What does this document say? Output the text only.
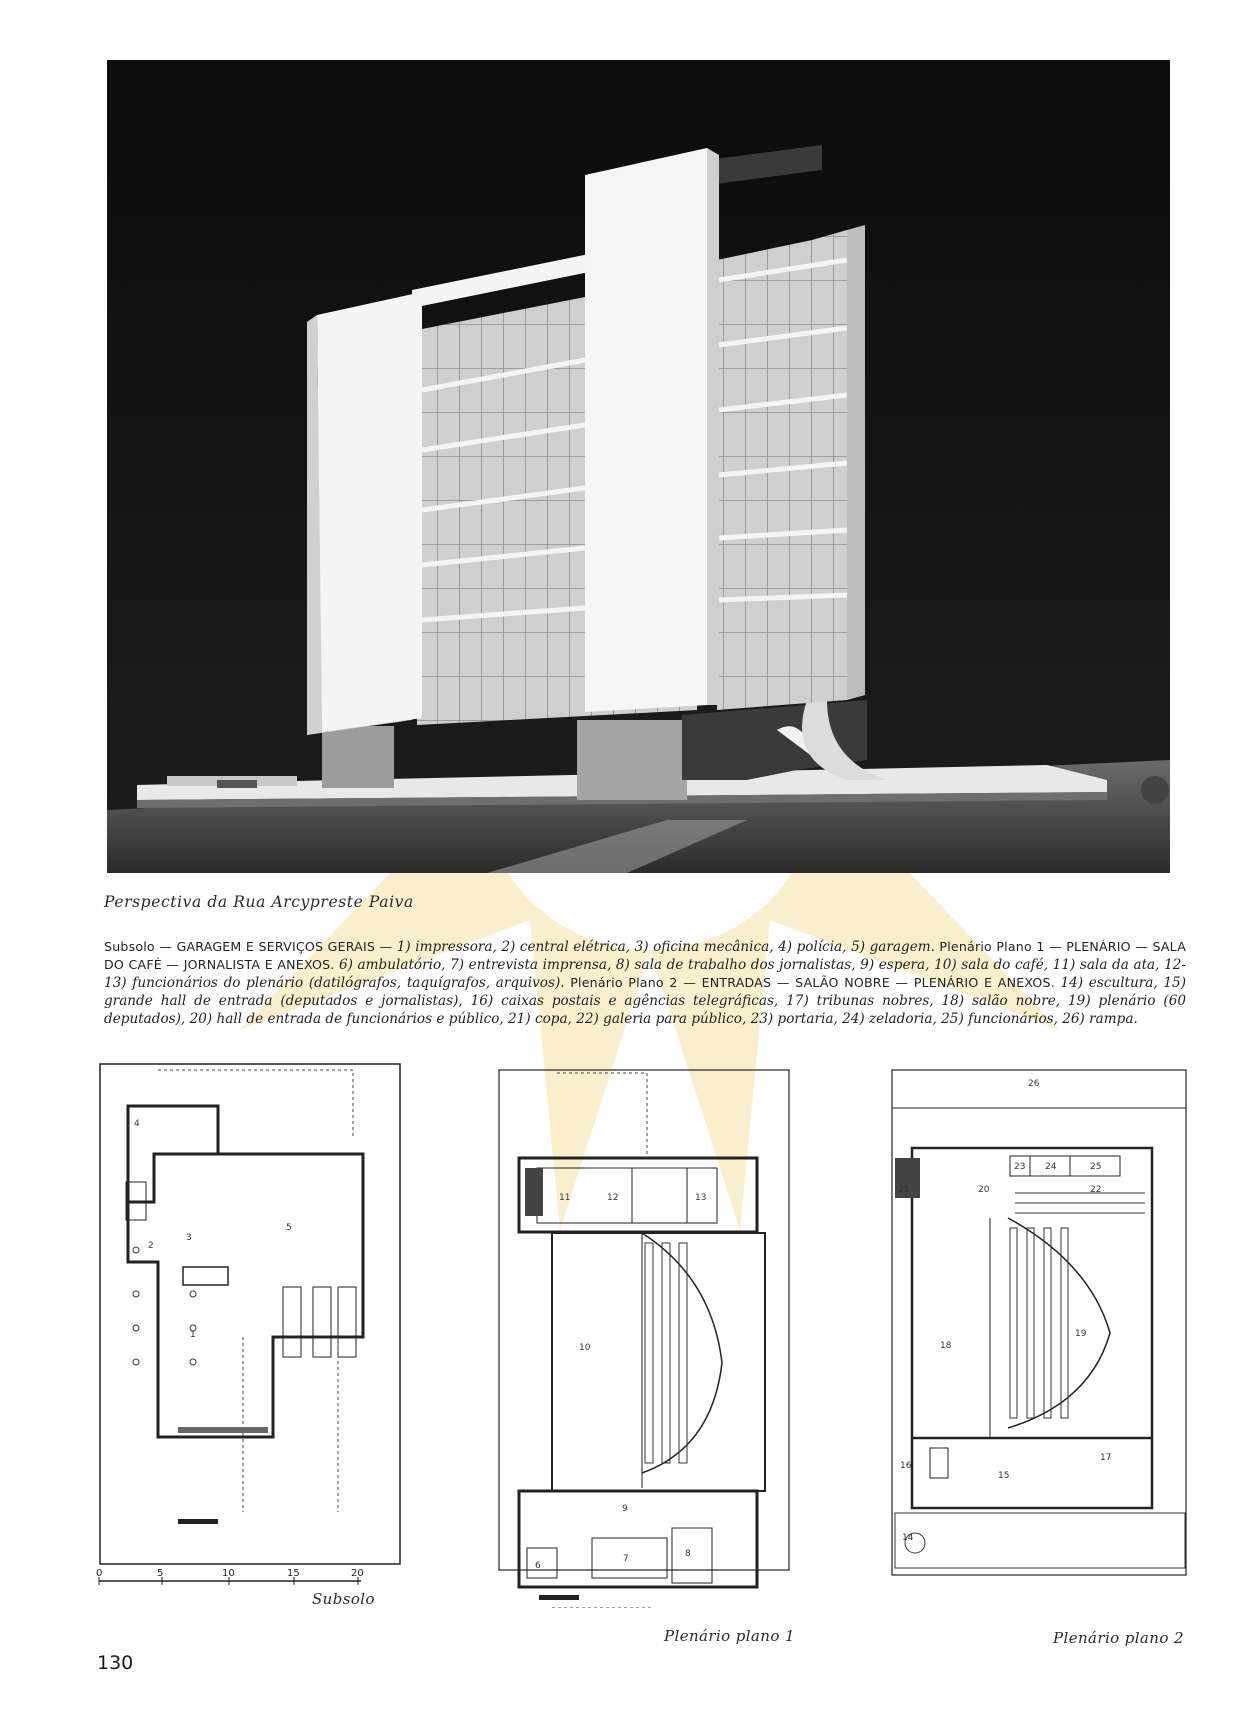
Perspectiva da Rua Arcypreste Paiva
Subsolo — GARAGEM E SERVIÇOS GERAIS — 1) impressora, 2) central elétrica, 3) oficina mecânica, 4) polícia, 5) garagem. Plenário Plano 1 — PLENÁRIO — SALA DO CAFÉ — JORNALISTA E ANEXOS. 6) ambulatório, 7) entrevista imprensa, 8) sala de trabalho dos jornalistas, 9) espera, 10) sala do café, 11) sala da ata, 12-13) funcionários do plenário (datilógrafos, taquígrafos, arquivos). Plenário Plano 2 — ENTRADAS — SALÃO NOBRE — PLENÁRIO E ANEXOS. 14) escultura, 15) grande hall de entrada (deputados e jornalistas), 16) caixas postais e agências telegráficas, 17) tribunas nobres, 18) salão nobre, 19) plenário (60 deputados), 20) hall de entrada de funcionários e público, 21) copa, 22) galeria para público, 23) portaria, 24) zeladoria, 25) funcionários, 26) rampa.
4
2
3
1
5
11	12	13
10
9
6
7	8
26
23 24	25
21	20	22
18
19
16
15
17
14
0	5	10	15	20
Subsolo
Plenário plano 1	Plenário plano 2
130
